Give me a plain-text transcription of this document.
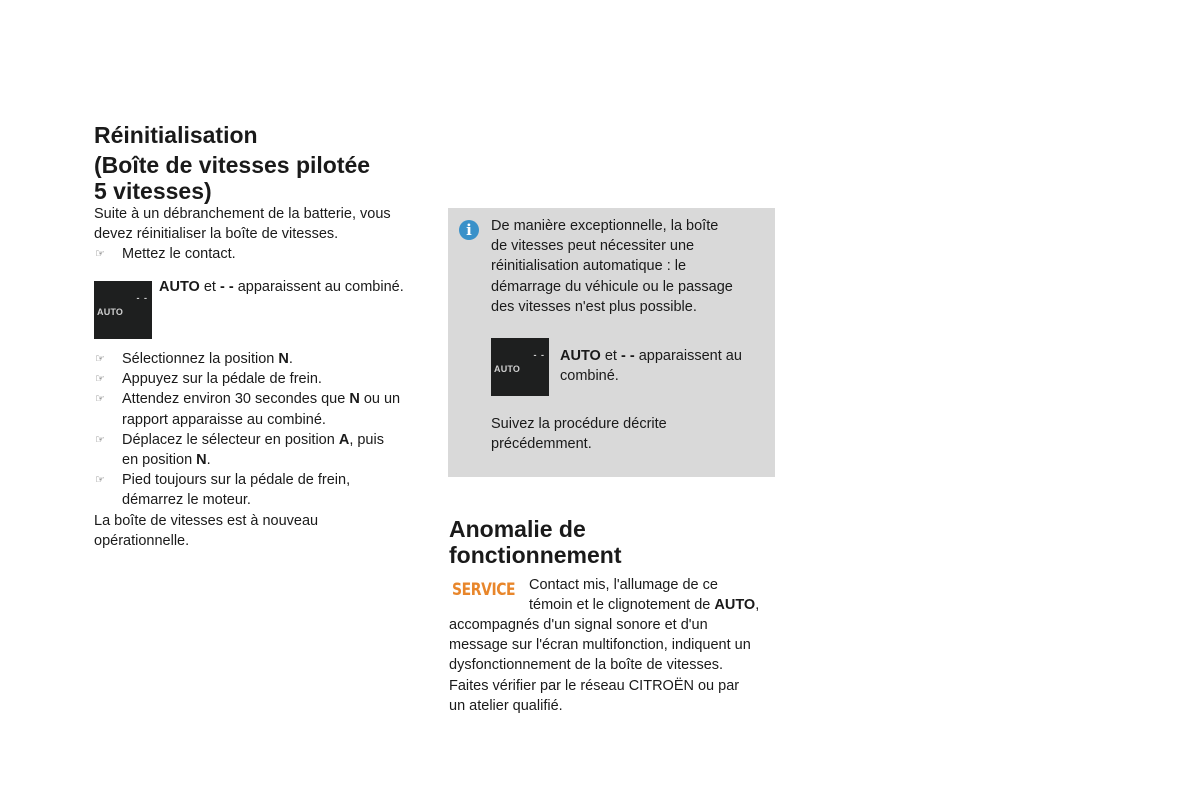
Réinitialisation
(Boîte de vitesses pilotée
5 vitesses)
Suite à un débranchement de la batterie, vous
devez réinitialiser la boîte de vitesses.
☞ Mettez le contact.
- -
AUTO
AUTO et - - apparaissent au combiné.
☞ Sélectionnez la position N.
☞ Appuyez sur la pédale de frein.
☞ Attendez environ 30 secondes que N ou un
rapport apparaisse au combiné.
☞ Déplacez le sélecteur en position A, puis
en position N.
☞ Pied toujours sur la pédale de frein,
démarrez le moteur.
La boîte de vitesses est à nouveau
opérationnelle.
i	De manière exceptionnelle, la boîte
de vitesses peut nécessiter une
réinitialisation automatique : le
démarrage du véhicule ou le passage
des vitesses n'est plus possible.
- -
AUTO
AUTO et - - apparaissent au
combiné.
Suivez la procédure décrite
précédemment.
Anomalie de
fonctionnement
SERVICE Contact mis, l'allumage de ce
témoin et le clignotement de AUTO,
accompagnés d'un signal sonore et d'un
message sur l'écran multifonction, indiquent un
dysfonctionnement de la boîte de vitesses.
Faites vérifier par le réseau CITROËN ou par
un atelier qualifié.
